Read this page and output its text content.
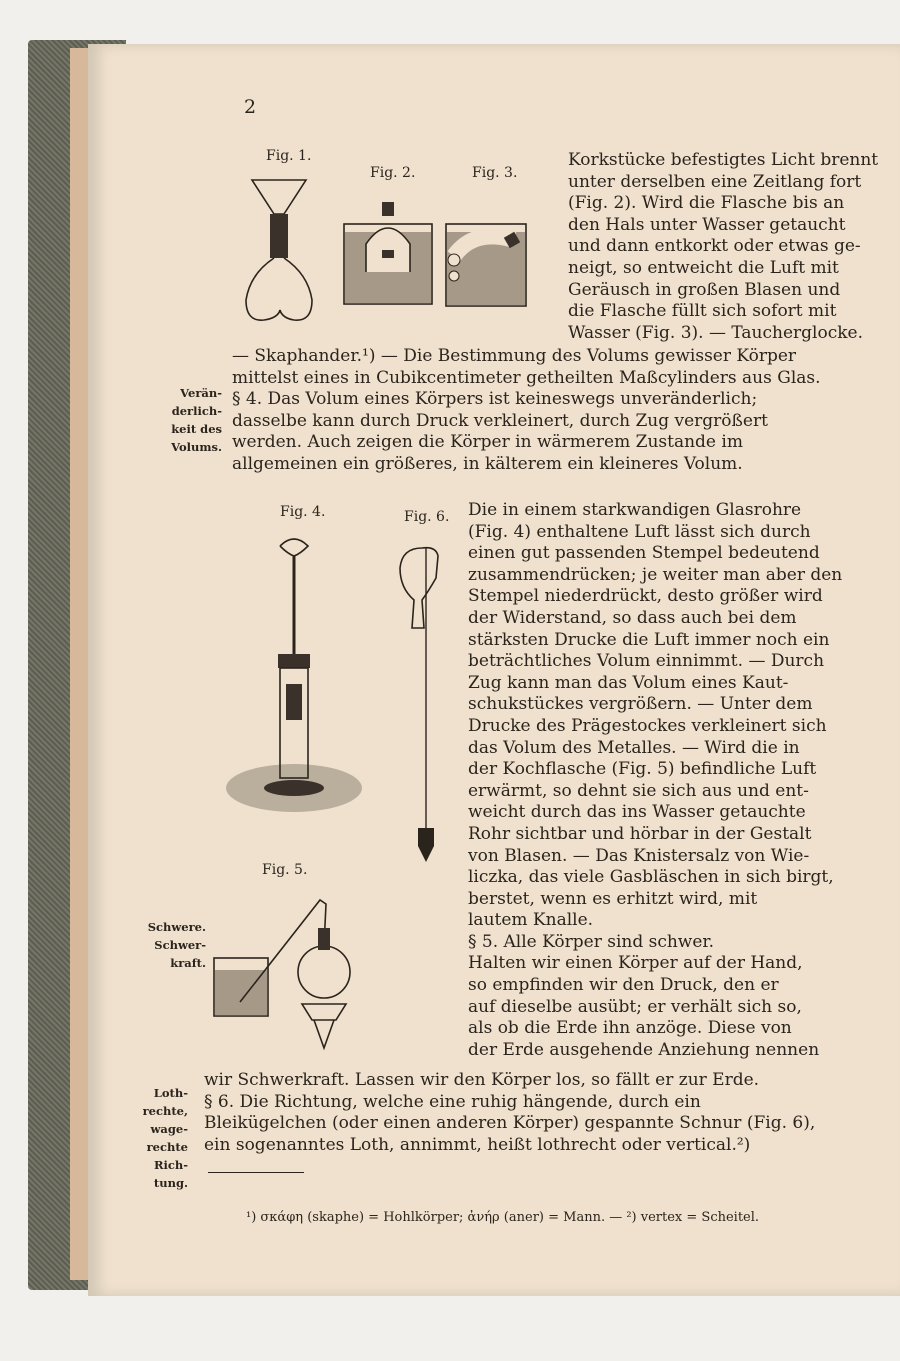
2
Fig. 1.
Fig. 2.	Fig. 3.
Fig. 4.	Fig. 6.
Fig. 5.
Verän-
derlich-
keit des
Volums.
Schwere.
Schwer-
kraft.
Loth-
rechte,
wage-
rechte
Rich-
tung.
Korkstücke befestigtes Licht brennt
unter derselben eine Zeitlang fort
(Fig. 2). Wird die Flasche bis an
den Hals unter Wasser getaucht
und dann entkorkt oder etwas ge-
neigt, so entweicht die Luft mit
Geräusch in großen Blasen und
die Flasche füllt sich sofort mit
Wasser (Fig. 3). — Taucherglocke.
— Skaphander.¹) — Die Bestimmung des Volums gewisser Körper
mittelst eines in Cubikcentimeter getheilten Maßcylinders aus Glas.
§ 4. Das Volum eines Körpers ist keineswegs unveränderlich;
dasselbe kann durch Druck verkleinert, durch Zug vergrößert
werden. Auch zeigen die Körper in wärmerem Zustande im
allgemeinen ein größeres, in kälterem ein kleineres Volum.
Die in einem starkwandigen Glasrohre
(Fig. 4) enthaltene Luft lässt sich durch
einen gut passenden Stempel bedeutend
zusammendrücken; je weiter man aber den
Stempel niederdrückt, desto größer wird
der Widerstand, so dass auch bei dem
stärksten Drucke die Luft immer noch ein
beträchtliches Volum einnimmt. — Durch
Zug kann man das Volum eines Kaut-
schukstückes vergrößern. — Unter dem
Drucke des Prägestockes verkleinert sich
das Volum des Metalles. — Wird die in
der Kochflasche (Fig. 5) befindliche Luft
erwärmt, so dehnt sie sich aus und ent-
weicht durch das ins Wasser getauchte
Rohr sichtbar und hörbar in der Gestalt
von Blasen. — Das Knistersalz von Wie-
liczka, das viele Gasbläschen in sich birgt,
berstet, wenn es erhitzt wird, mit
lautem Knalle.
§ 5. Alle Körper sind schwer.
Halten wir einen Körper auf der Hand,
so empfinden wir den Druck, den er
auf dieselbe ausübt; er verhält sich so,
als ob die Erde ihn anzöge. Diese von
der Erde ausgehende Anziehung nennen
wir Schwerkraft. Lassen wir den Körper los, so fällt er zur Erde.
§ 6. Die Richtung, welche eine ruhig hängende, durch ein
Bleikügelchen (oder einen anderen Körper) gespannte Schnur (Fig. 6),
ein sogenanntes Loth, annimmt, heißt lothrecht oder vertical.²)
¹) σκάφη (skaphe) = Hohlkörper; ἀνήρ (aner) = Mann. — ²) vertex = Scheitel.
